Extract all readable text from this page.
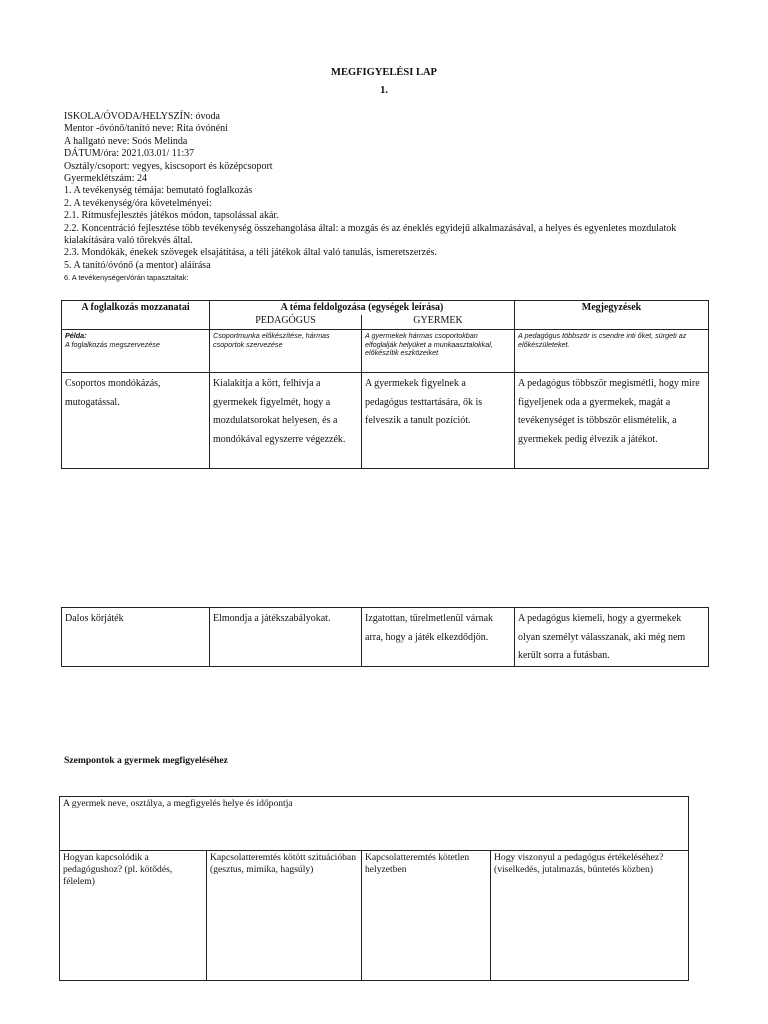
MEGFIGYELÉSI LAP
1.
ISKOLA/ÓVODA/HELYSZÍN: óvoda
Mentor -óvónő/tanító neve: Rita óvónéni
A hallgató neve: Soós Melinda
DÁTUM/óra: 2021.03.01/ 11:37
Osztály/csoport: vegyes, kiscsoport és középcsoport
Gyermeklétszám: 24
1. A tevékenység témája: bemutató foglalkozás
2. A tevékenység/óra követelményei:
2.1. Ritmusfejlesztés játékos módon, tapsolással akár.
2.2. Koncentráció fejlesztése több tevékenység összehangolása által: a mozgás és az éneklés egyidejű alkalmazásával, a helyes és egyenletes mozdulatok kialakítására való törekvés által.
2.3. Mondókák, énekek szövegek elsajátítása, a téli játékok által való tanulás, ismeretszerzés.
5. A tanító/óvónő (a mentor) aláírása
6. A tevékenységen/órán tapasztaltak:
A foglalkozás mozzanatai	A téma feldolgozása (egységek leírása)		Megjegyzések
	PEDAGÓGUS	GYERMEK	
Példa:
A foglalkozás megszervezése	Csoportmunka előkészítése, hármas csoportok szervezése	A gyermekek hármas csoportokban elfoglalják helyüket a munkaasztalokkal, előkészítik eszközeiket	A pedagógus többször is csendre inti őket, sürgeti az előkészületeket.
Csoportos mondókázás, mutogatással.	Kialakítja a kört, felhívja a gyermekek figyelmét, hogy a mozdulatsorokat helyesen, és a mondókával egyszerre végezzék.	A gyermekek figyelnek a pedagógus testtartására, ők is felveszik a tanult pozíciót.	A pedagógus többször megismétli, hogy mire figyeljenek oda a gyermekek, magát a tevékenységet is többször elismételik, a gyermekek pedig élvezik a játékot.
Dalos körjáték	Elmondja a játékszabályokat.	Izgatottan, türelmetlenül várnak arra, hogy a játék elkezdődjön.	A pedagógus kiemeli, hogy a gyermekek olyan személyt válasszanak, aki még nem került sorra a futásban.
Szempontok a gyermek megfigyeléséhez
A gyermek neve, osztálya, a megfigyelés helye és időpontja
Hogyan kapcsolódik a pedagógushoz? (pl. kötődés, félelem)	Kapcsolatteremtés kötött szituációban (gesztus, mimika, hagsúly)	Kapcsolatteremtés kötetlen helyzetben	Hogy viszonyul a pedagógus értékeléséhez? (viselkedés, jutalmazás, büntetés közben)
